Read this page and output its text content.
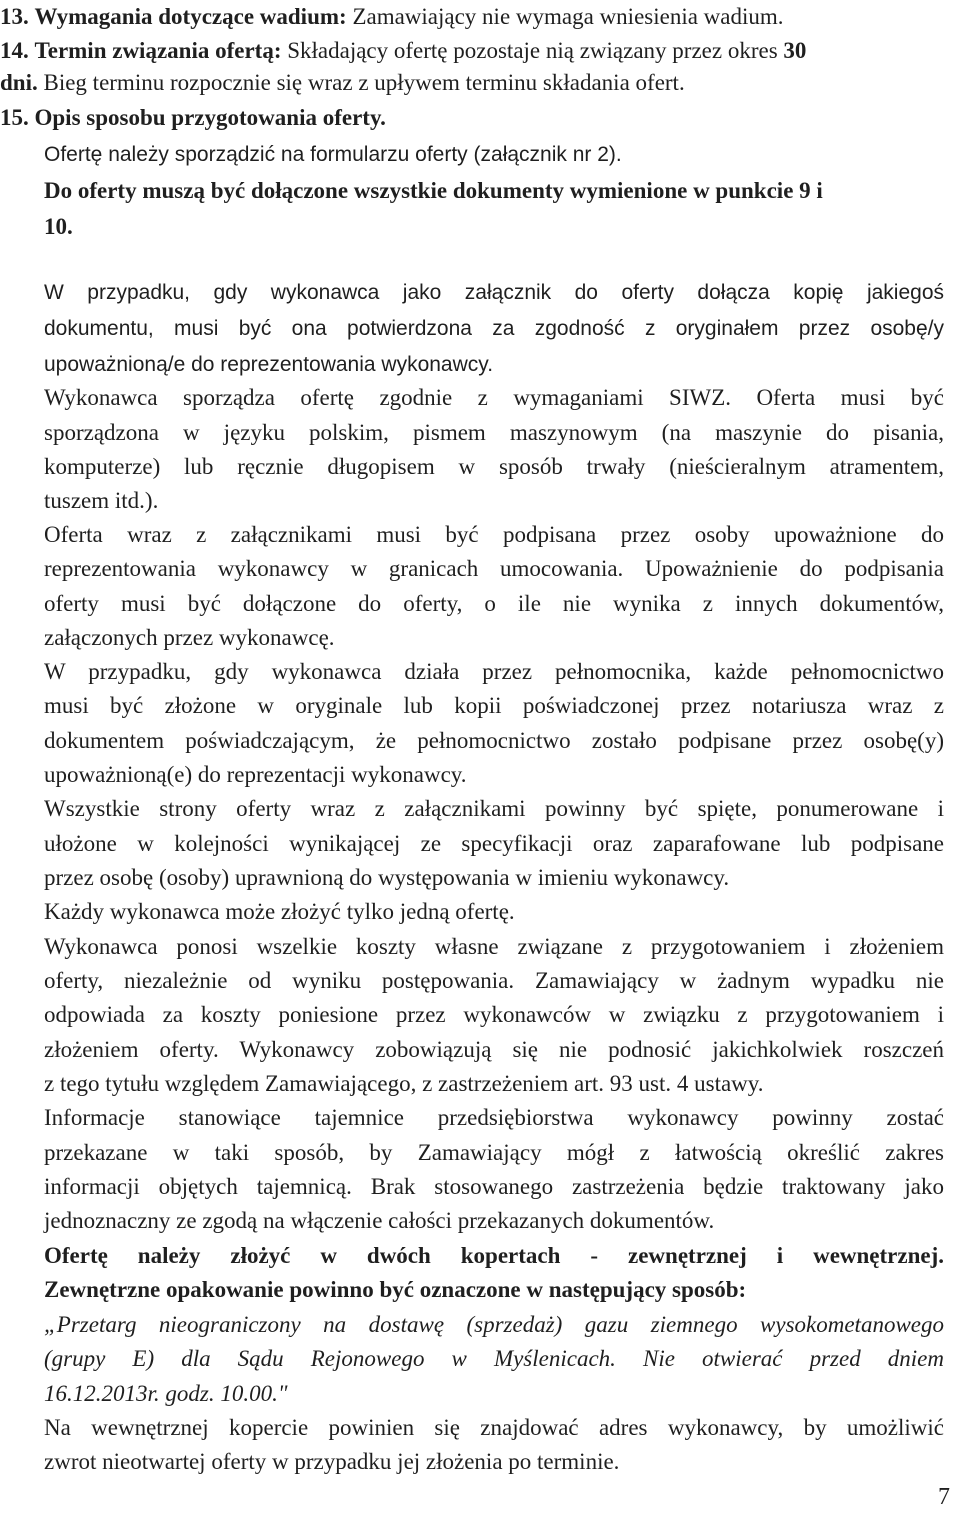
13. Wymagania dotyczące wadium: Zamawiający nie wymaga wniesienia wadium.
14. Termin związania ofertą: Składający ofertę pozostaje nią związany przez okres 30
dni. Bieg terminu rozpocznie się wraz z upływem terminu składania ofert.
15. Opis sposobu przygotowania oferty.
Ofertę należy sporządzić na formularzu oferty (załącznik nr 2).
Do oferty muszą być dołączone wszystkie dokumenty wymienione w punkcie 9 i
10.
W przypadku, gdy wykonawca jako załącznik do oferty dołącza kopię jakiegoś
dokumentu, musi być ona potwierdzona za zgodność z oryginałem przez osobę/y
upoważnioną/e do reprezentowania wykonawcy.
Wykonawca sporządza ofertę zgodnie z wymaganiami SIWZ. Oferta musi być
sporządzona w języku polskim, pismem maszynowym (na maszynie do pisania,
komputerze) lub ręcznie długopisem w sposób trwały (nieścieralnym atramentem,
tuszem itd.).
Oferta wraz z załącznikami musi być podpisana przez osoby upoważnione do
reprezentowania wykonawcy w granicach umocowania. Upoważnienie do podpisania
oferty musi być dołączone do oferty, o ile nie wynika z innych dokumentów,
załączonych przez wykonawcę.
W przypadku, gdy wykonawca działa przez pełnomocnika, każde pełnomocnictwo
musi być złożone w oryginale lub kopii poświadczonej przez notariusza wraz z
dokumentem poświadczającym, że pełnomocnictwo zostało podpisane przez osobę(y)
upoważnioną(e) do reprezentacji wykonawcy.
Wszystkie strony oferty wraz z załącznikami powinny być spięte, ponumerowane i
ułożone w kolejności wynikającej ze specyfikacji oraz zaparafowane lub podpisane
przez osobę (osoby) uprawnioną do występowania w imieniu wykonawcy.
Każdy wykonawca może złożyć tylko jedną ofertę.
Wykonawca ponosi wszelkie koszty własne związane z przygotowaniem i złożeniem
oferty, niezależnie od wyniku postępowania. Zamawiający w żadnym wypadku nie
odpowiada za koszty poniesione przez wykonawców w związku z przygotowaniem i
złożeniem oferty. Wykonawcy zobowiązują się nie podnosić jakichkolwiek roszczeń
z tego tytułu względem Zamawiającego, z zastrzeżeniem art. 93 ust. 4 ustawy.
Informacje stanowiące tajemnice przedsiębiorstwa wykonawcy powinny zostać
przekazane w taki sposób, by Zamawiający mógł z łatwością określić zakres
informacji objętych tajemnicą. Brak stosowanego zastrzeżenia będzie traktowany jako
jednoznaczny ze zgodą na włączenie całości przekazanych dokumentów.
Ofertę należy złożyć w dwóch kopertach - zewnętrznej i wewnętrznej.
Zewnętrzne opakowanie powinno być oznaczone w następujący sposób:
„Przetarg nieograniczony na dostawę (sprzedaż) gazu ziemnego wysokometanowego
(grupy E) dla Sądu Rejonowego w Myślenicach. Nie otwierać przed dniem
16.12.2013r. godz. 10.00."
Na wewnętrznej kopercie powinien się znajdować adres wykonawcy, by umożliwić
zwrot nieotwartej oferty w przypadku jej złożenia po terminie.
7
